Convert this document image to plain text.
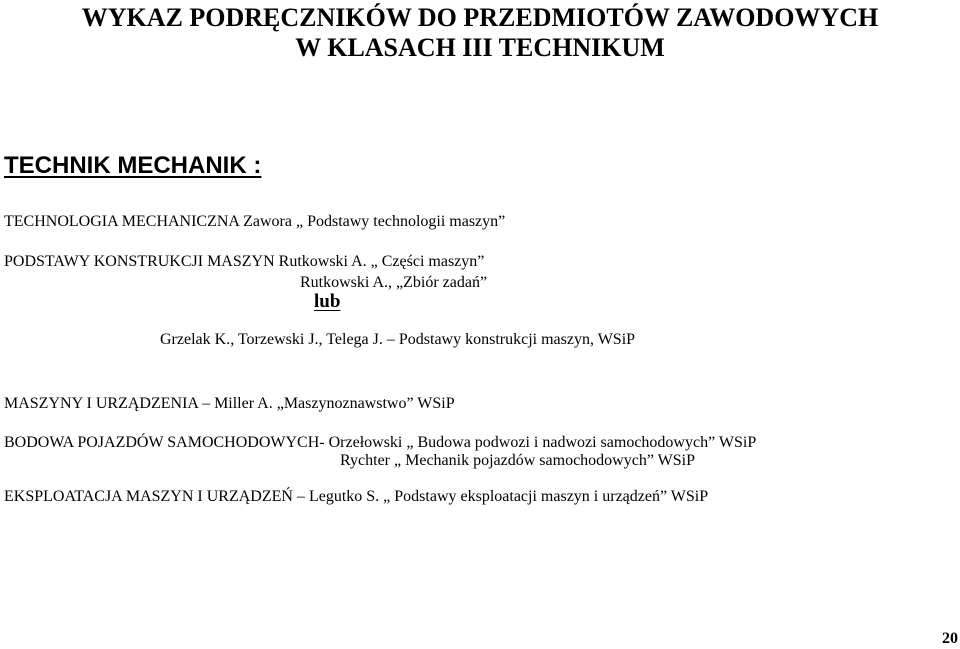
WYKAZ PODRĘCZNIKÓW DO PRZEDMIOTÓW ZAWODOWYCH
W KLASACH III TECHNIKUM
TECHNIK MECHANIK :

TECHNOLOGIA MECHANICZNA Zawora „ Podstawy technologii maszyn”

PODSTAWY KONSTRUKCJI MASZYN Rutkowski A. „ Części maszyn”

Rutkowski A., „Zbiór zadań”

lub

Grzelak K., Torzewski J., Telega J. – Podstawy konstrukcji maszyn, WSiP

MASZYNY I URZĄDZENIA – Miller A. „Maszynoznawstwo” WSiP

BODOWA POJAZDÓW SAMOCHODOWYCH- Orzełowski „ Budowa podwozi i nadwozi samochodowych” WSiP

Rychter „ Mechanik pojazdów samochodowych” WSiP

EKSPLOATACJA MASZYN I URZĄDZEŃ – Legutko S. „ Podstawy eksploatacji maszyn i urządzeń” WSiP

20
